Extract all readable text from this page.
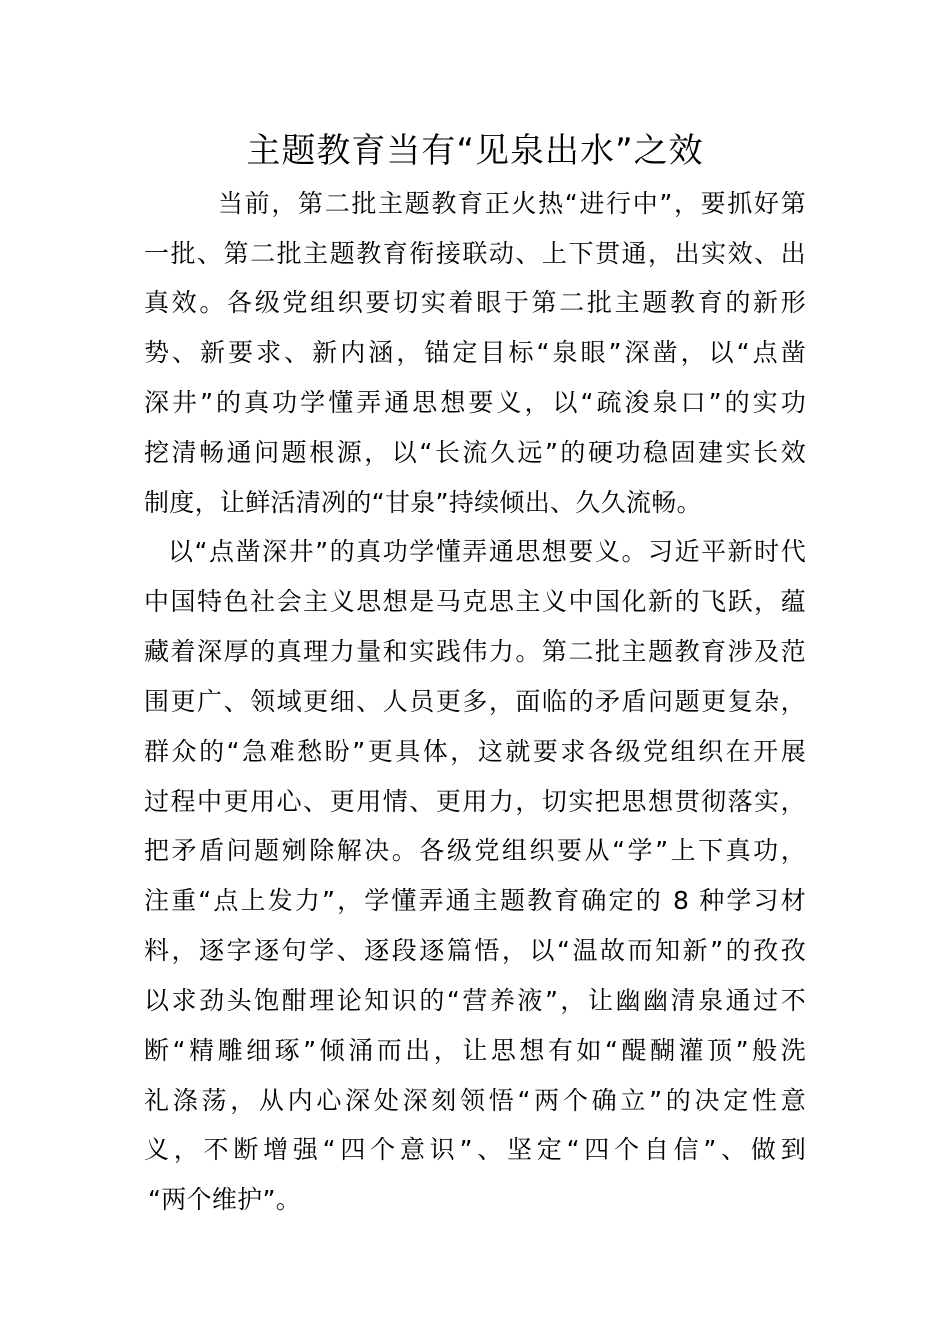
主题教育当有“见泉出水”之效
当前，第二批主题教育正火热“进行中”，要抓好第
一批、第二批主题教育衔接联动、上下贯通，出实效、出
真效。各级党组织要切实着眼于第二批主题教育的新形
势、新要求、新内涵，锚定目标“泉眼”深凿，以“点凿
深井”的真功学懂弄通思想要义，以“疏浚泉口”的实功
挖清畅通问题根源，以“长流久远”的硬功稳固建实长效
制度，让鲜活清冽的“甘泉”持续倾出、久久流畅。
以“点凿深井”的真功学懂弄通思想要义。习近平新时代
中国特色社会主义思想是马克思主义中国化新的飞跃，蕴
藏着深厚的真理力量和实践伟力。第二批主题教育涉及范
围更广、领域更细、人员更多，面临的矛盾问题更复杂，
群众的“急难愁盼”更具体，这就要求各级党组织在开展
过程中更用心、更用情、更用力，切实把思想贯彻落实，
把矛盾问题剜除解决。各级党组织要从“学”上下真功，
注重“点上发力”，学懂弄通主题教育确定的 8 种学习材
料，逐字逐句学、逐段逐篇悟，以“温故而知新”的孜孜
以求劲头饱酣理论知识的“营养液”，让幽幽清泉通过不
断“精雕细琢”倾涌而出，让思想有如“醍醐灌顶”般洗
礼涤荡，从内心深处深刻领悟“两个确立”的决定性意
义，不断增强“四个意识”、坚定“四个自信”、做到
“两个维护”。
